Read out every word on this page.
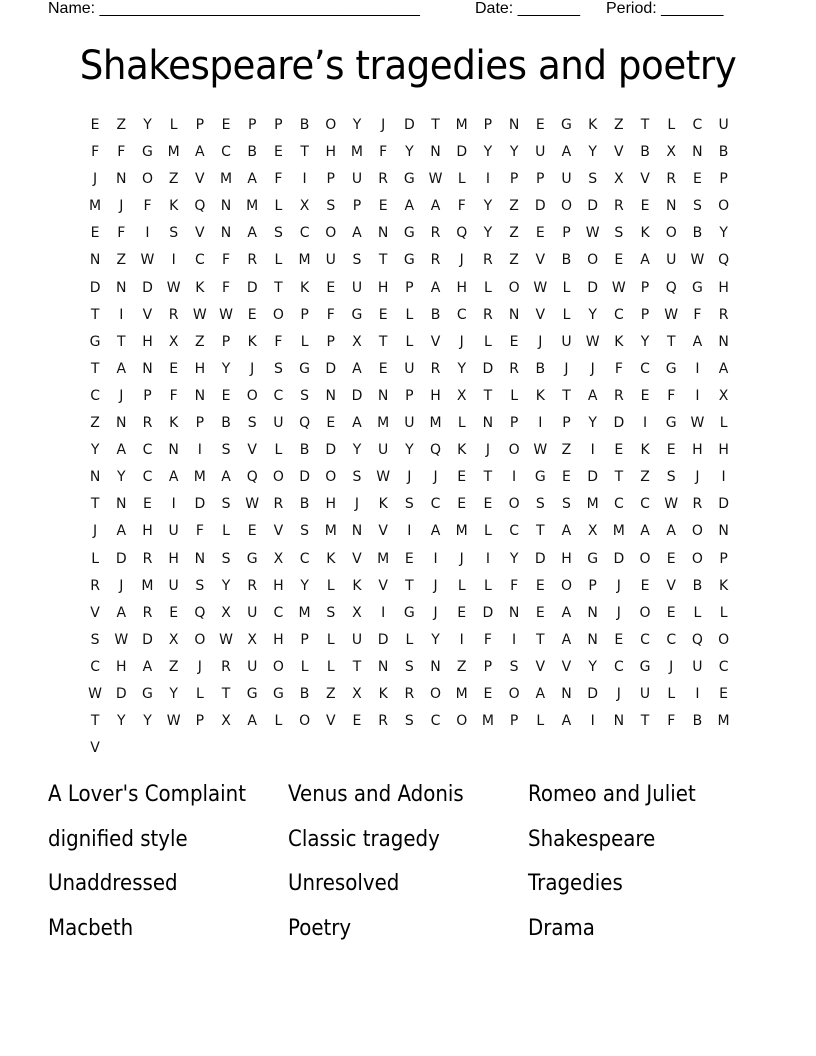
Name: ____________________________________	Date: _______ Period: _______
Shakespeare’s tragedies and poetry
E	Z	Y	L	P	E	P	P	B	O	Y	J	D	T	M	P	N	E	G	K	Z	T	L	C	U
F	F	G	M	A	C	B	E	T	H	M	F	Y	N	D	Y	Y	U	A	Y	V	B	X	N	B
J	N	O	Z	V	M	A	F	I	P	U	R	G W	L	I	P	P	U	S	X	V	R	E	P
M	J	F	K	Q	N	M	L	X	S	P	E	A	A	F	Y	Z	D	O	D	R	E	N	S	O
E	F	I	S	V	N	A	S	C	O	A	N	G	R	Q	Y	Z	E	P	W	S	K	O	B	Y
N	Z	W	I	C	F	R	L	M	U	S	T	G	R	J	R	Z	V	B	O	E	A	U	W Q
D	N	D W	K	F	D	T	K	E	U	H	P	A	H	L	O W	L	D W	P	Q	G	H
T	I	V	R	W W	E	O	P	F	G	E	L	B	C	R	N	V	L	Y	C	P	W	F	R
G	T	H	X	Z	P	K	F	L	P	X	T	L	V	J	L	E	J	U	W	K	Y	T	A	N
T	A	N	E	H	Y	J	S	G	D	A	E	U	R	Y	D	R	B	J	J	F	C	G	I	A
C	J	P	F	N	E	O	C	S	N	D	N	P	H	X	T	L	K	T	A	R	E	F	I	X
Z	N	R	K	P	B	S	U	Q	E	A	M	U	M	L	N	P	I	P	Y	D	I	G W	L
Y	A	C	N	I	S	V	L	B	D	Y	U	Y	Q	K	J	O W	Z	I	E	K	E	H	H
N	Y	C	A	M	A	Q	O	D	O	S	W	J	J	E	T	I	G	E	D	T	Z	S	J	I
T	N	E	I	D	S	W	R	B	H	J	K	S	C	E	E	O	S	S	M	C	C	W	R	D
J	A	H	U	F	L	E	V	S	M	N	V	I	A	M	L	C	T	A	X	M	A	A	O	N
L	D	R	H	N	S	G	X	C	K	V	M	E	I	J	I	Y	D	H	G	D	O	E	O	P
R	J	M	U	S	Y	R	H	Y	L	K	V	T	J	L	L	F	E	O	P	J	E	V	B	K
V	A	R	E	Q	X	U	C	M	S	X	I	G	J	E	D	N	E	A	N	J	O	E	L	L
S	W D	X	O W	X	H	P	L	U	D	L	Y	I	F	I	T	A	N	E	C	C	Q	O
C	H	A	Z	J	R	U	O	L	L	T	N	S	N	Z	P	S	V	V	Y	C	G	J	U	C
W D	G	Y	L	T	G	G	B	Z	X	K	R	O	M	E	O	A	N	D	J	U	L	I	E
T	Y	Y	W	P	X	A	L	O	V	E	R	S	C	O	M	P	L	A	I	N	T	F	B	M
V
A Lover's Complaint	Venus and Adonis	Romeo and Juliet
dignified style	Classic tragedy	Shakespeare
Unaddressed	Unresolved	Tragedies
Macbeth	Poetry	Drama
